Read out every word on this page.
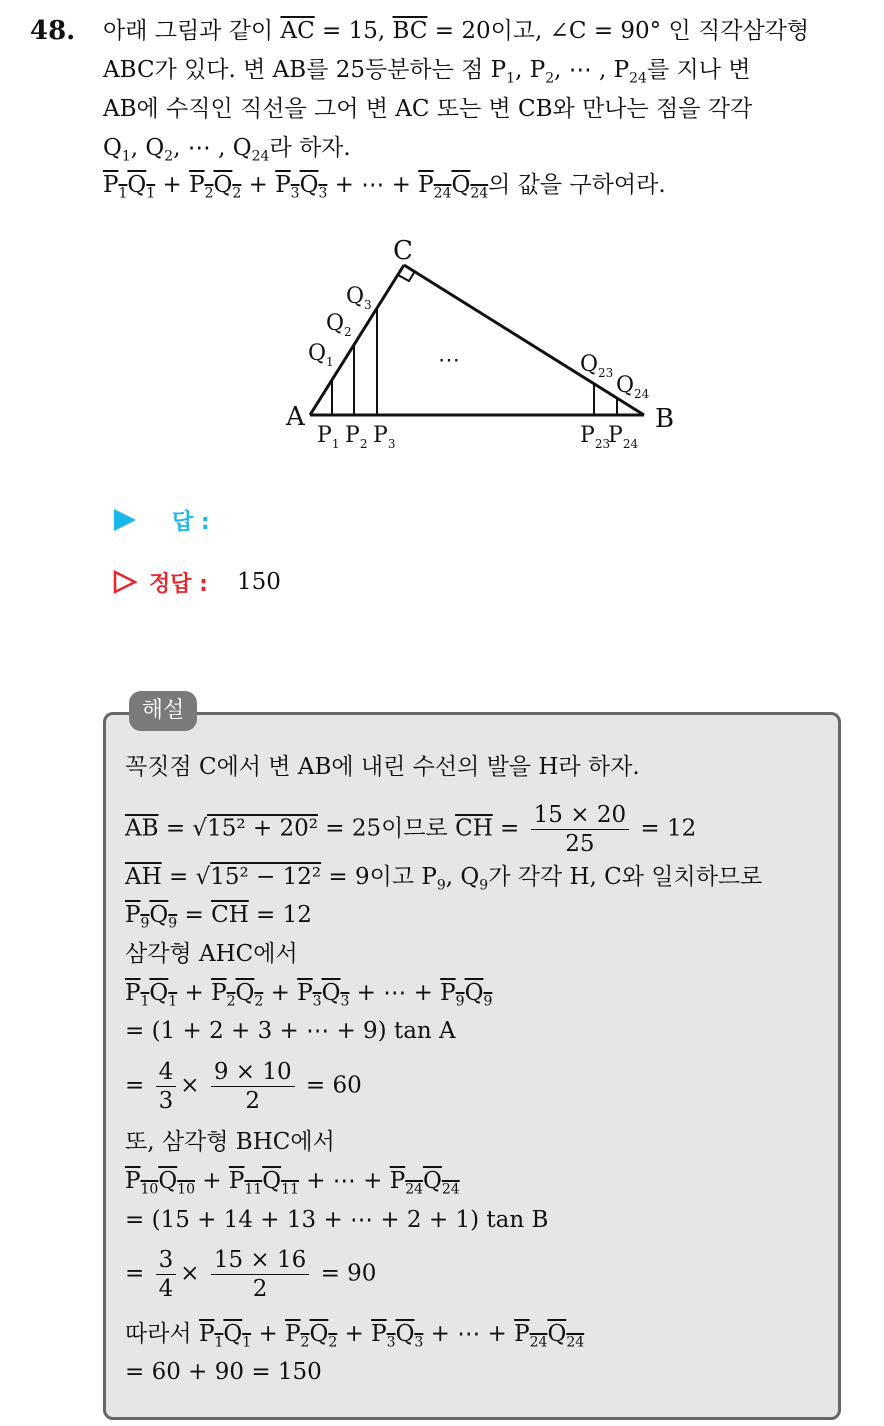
48. 아래 그림과 같이 $\overline{AC} = 15$, $\overline{BC} = 20$이고, ∠C = 90° 인 직각삼각형
ABC가 있다. 변 AB를 25등분하는 점 $P_1$, $P_2$, ⋯ , $P_{24}$를 지나 변
AB에 수직인 직선을 그어 변 AC 또는 변 CB와 만나는 점을 각각
$Q_1$, $Q_2$, ⋯ , $Q_{24}$라 하자.
$P_1Q_1 + P_2Q_2 + P_3Q_3$ + ⋯ + $P_{24}Q_{24}$의 값을 구하여라.
C
A	B
$Q_1$
$Q_2$
$Q_3$
$Q_{23}$ $Q_{24}$
$P_1$ $P_2$ $P_3$	$P_{23}$
$P_{24}$
⋯
답 :
정답 : 150
해설
꼭짓점 C에서 변 AB에 내린 수선의 발을 H라 하자.
$\overline{AB} = √15^2 + 20^2 = 25$이므로 $\overline{CH} = \frac{15 \times 20}{25} = 12$
$\overline{AH} = √15^2 - 12^2 = 9$이고 $P_9$, $Q_9$가 각각 H, C와 일치하므로
$P_9Q_9 = \overline{CH} = 12$
삼각형 AHC에서
$P_1Q_1 + P_2Q_2 + P_3Q_3$ + ⋯ + $P_9Q_9$
= (1 + 2 + 3 + ⋯ + 9) tan A
= $\frac{4}{3} \times \frac{9 \times 10}{2} = 60$
또, 삼각형 BHC에서
$P_{10}Q_{10} + P_{11}Q_{11}$ + ⋯ + $P_{24}Q_{24}$
= (15 + 14 + 13 + ⋯ + 2 + 1) tan B
= $\frac{3}{4} \times \frac{15 \times 16}{2} = 90$
따라서 $P_1Q_1 + P_2Q_2 + P_3Q_3$ + ⋯ + $P_{24}Q_{24}$
= 60 + 90 = 150
